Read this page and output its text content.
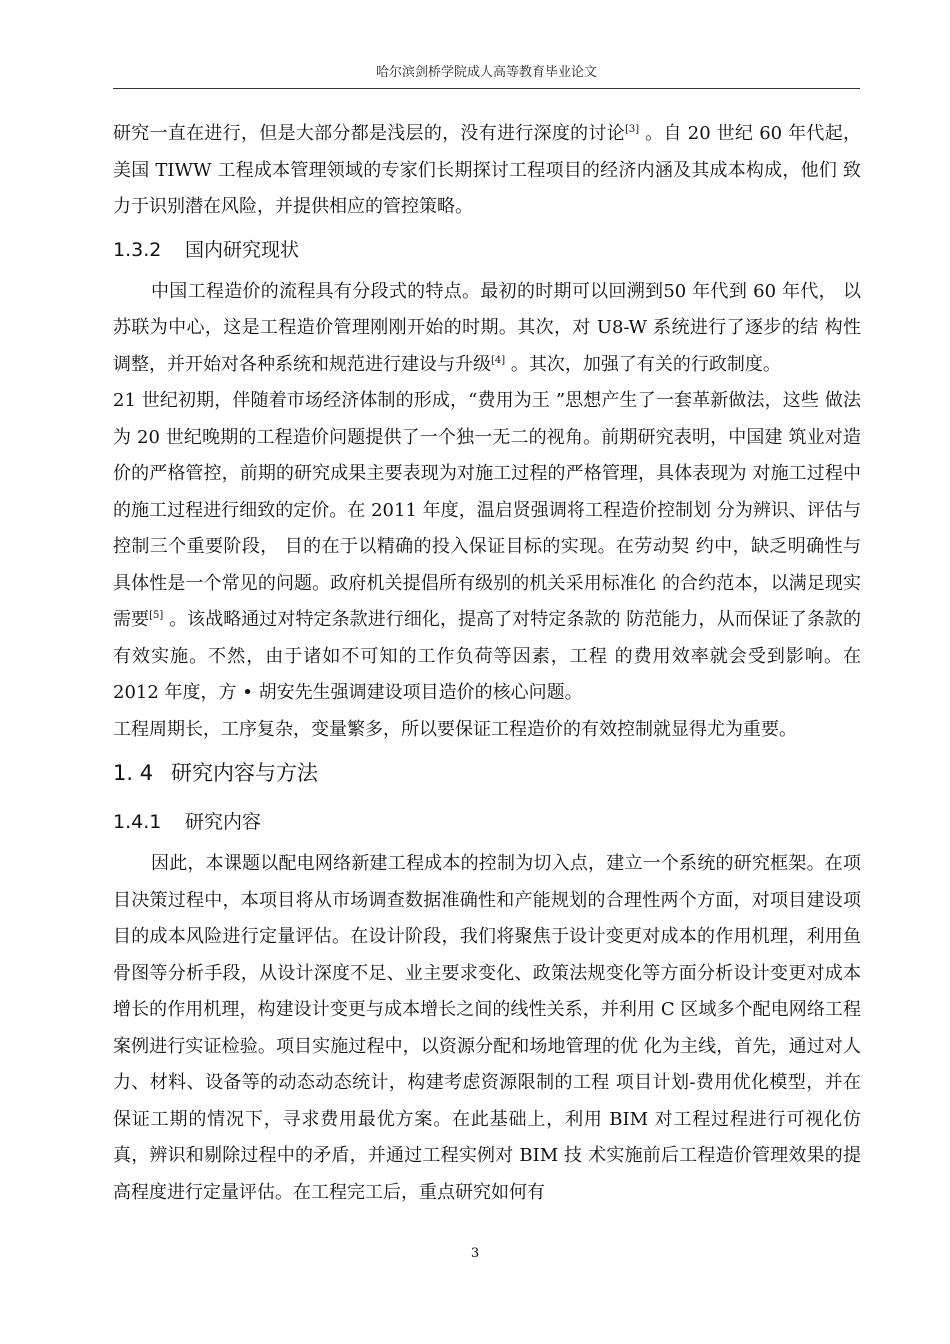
哈尔滨剑桥学院成人高等教育毕业论文

研究一直在进行，但是大部分都是浅层的，没有进行深度的讨论[3] 。自 20 世纪 60 年代起， 美国 TIWW 工程成本管理领域的专家们长期探讨工程项目的经济内涵及其成本构成，他们 致力于识别潜在风险，并提供相应的管控策略。

1.3.2 国内研究现状

中国工程造价的流程具有分段式的特点。最初的时期可以回溯到50 年代到 60 年代， 以苏联为中心，这是工程造价管理刚刚开始的时期。其次，对 U8-W 系统进行了逐步的结 构性调整，并开始对各种系统和规范进行建设与升级[4] 。其次，加强了有关的行政制度。

21 世纪初期，伴随着市场经济体制的形成，“费用为王 ”思想产生了一套革新做法，这些 做法为 20 世纪晚期的工程造价问题提供了一个独一无二的视角。前期研究表明，中国建 筑业对造价的严格管控，前期的研究成果主要表现为对施工过程的严格管理，具体表现为 对施工过程中的施工过程进行细致的定价。在 2011 年度，温启贤强调将工程造价控制划 分为辨识、评估与控制三个重要阶段， 目的在于以精确的投入保证目标的实现。在劳动契 约中，缺乏明确性与具体性是一个常见的问题。政府机关提倡所有级别的机关采用标准化 的合约范本，以满足现实需要[5] 。该战略通过对特定条款进行细化，提高了对特定条款的 防范能力，从而保证了条款的有效实施。不然，由于诸如不可知的工作负荷等因素，工程 的费用效率就会受到影响。在 2012 年度，方 • 胡安先生强调建设项目造价的核心问题。

工程周期长，工序复杂，变量繁多，所以要保证工程造价的有效控制就显得尤为重要。

1. 4 研究内容与方法
1.4.1 研究内容

因此，本课题以配电网络新建工程成本的控制为切入点，建立一个系统的研究框架。在项目决策过程中，本项目将从市场调查数据准确性和产能规划的合理性两个方面，对项目建设项目的成本风险进行定量评估。在设计阶段，我们将聚焦于设计变更对成本的作用机理，利用鱼骨图等分析手段，从设计深度不足、业主要求变化、政策法规变化等方面分析设计变更对成本增长的作用机理，构建设计变更与成本增长之间的线性关系，并利用 C 区域多个配电网络工程案例进行实证检验。项目实施过程中，以资源分配和场地管理的优 化为主线，首先，通过对人力、材料、设备等的动态动态统计，构建考虑资源限制的工程 项目计划-费用优化模型，并在保证工期的情况下，寻求费用最优方案。在此基础上，利用 BIM 对工程过程进行可视化仿真，辨识和剔除过程中的矛盾，并通过工程实例对 BIM 技 术实施前后工程造价管理效果的提高程度进行定量评估。在工程完工后，重点研究如何有

3
